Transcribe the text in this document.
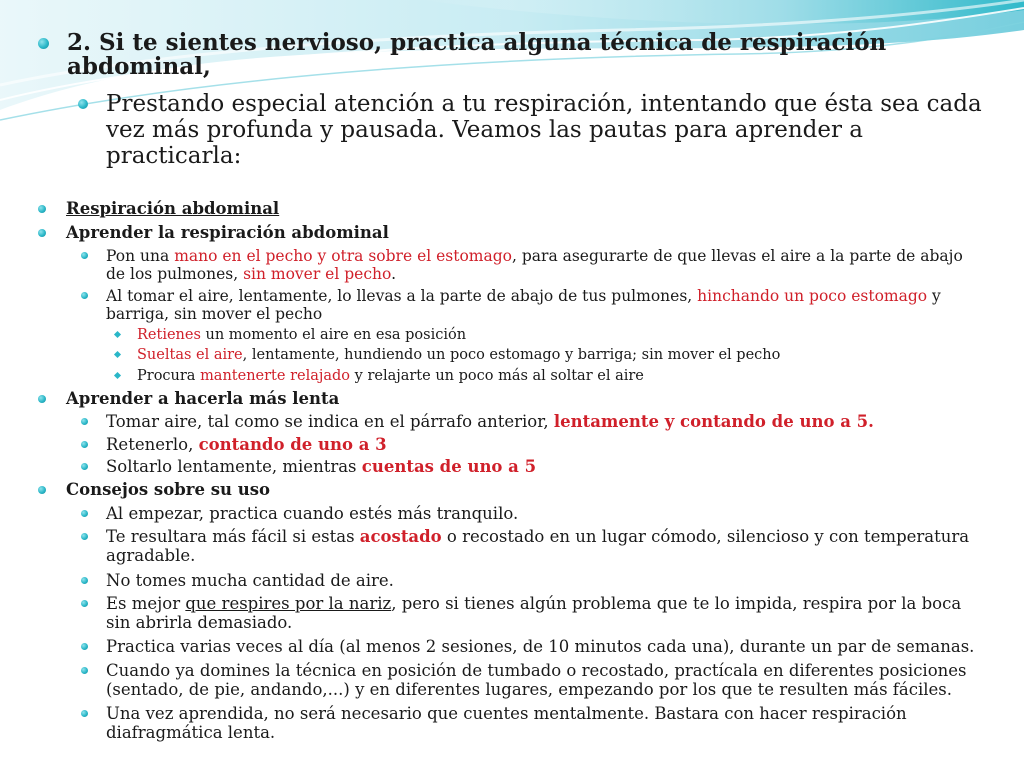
2. Si te sientes nervioso, practica alguna técnica de respiración abdominal,
Prestando especial atención a tu respiración, intentando que ésta sea cada vez más profunda y pausada. Veamos las pautas para aprender a practicarla:
Respiración abdominal
Aprender la respiración abdominal
Pon una mano en el pecho y otra sobre el estomago, para asegurarte de que llevas el aire a la parte de abajo de los pulmones, sin mover el pecho.
Al tomar el aire, lentamente, lo llevas a la parte de abajo de tus pulmones, hinchando un poco estomago y barriga, sin mover el pecho
Retienes un momento el aire en esa posición
Sueltas el aire, lentamente, hundiendo un poco estomago y barriga; sin mover el pecho
Procura mantenerte relajado y relajarte un poco más al soltar el aire
Aprender a hacerla más lenta
Tomar aire, tal como se indica en el párrafo anterior, lentamente y contando de uno a 5.
Retenerlo, contando de uno a 3
Soltarlo lentamente, mientras cuentas de uno a 5
Consejos sobre su uso
Al empezar, practica cuando estés más tranquilo.
Te resultara más fácil si estas acostado o recostado en un lugar cómodo, silencioso y con temperatura agradable.
No tomes mucha cantidad de aire.
Es mejor que respires por la nariz, pero si tienes algún problema que te lo impida, respira por la boca sin abrirla demasiado.
Practica varias veces al día (al menos 2 sesiones, de 10 minutos cada una), durante un par de semanas.
Cuando ya domines la técnica en posición de tumbado o recostado, practícala en diferentes posiciones (sentado, de pie, andando,...) y en diferentes lugares, empezando por los que te resulten más fáciles.
Una vez aprendida, no será necesario que cuentes mentalmente. Bastara con hacer respiración diafragmática lenta.
